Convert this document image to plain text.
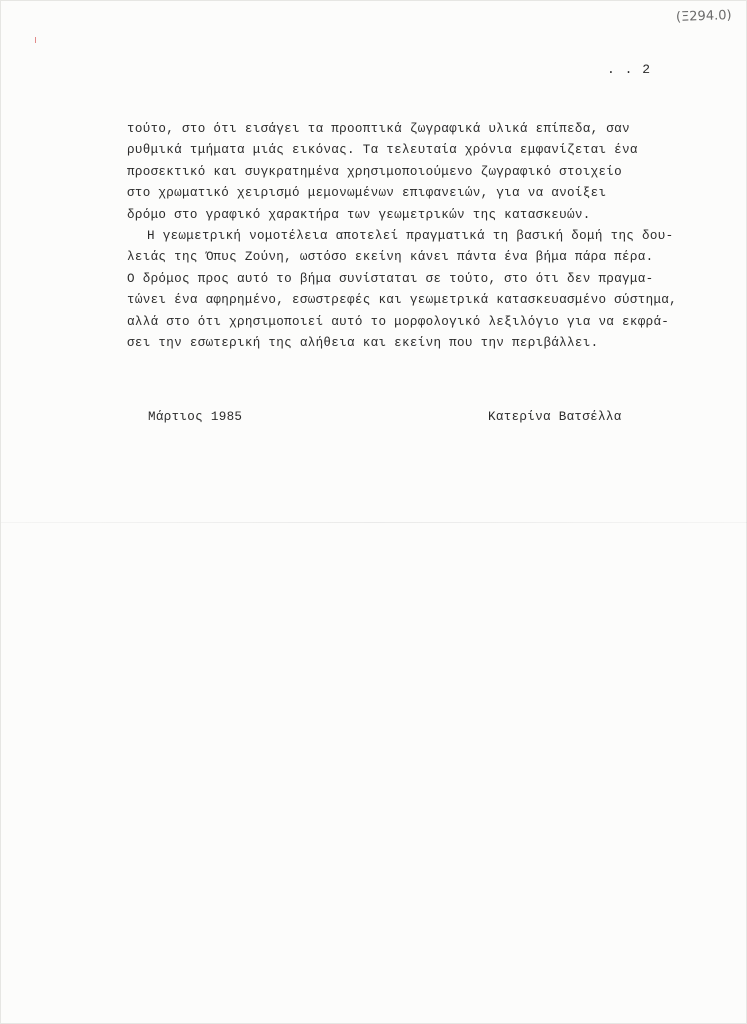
(Ξ294.0)
. . 2
τούτο, στο ότι εισάγει τα προοπτικά ζωγραφικά υλικά επίπεδα, σαν
ρυθμικά τμήματα μιάς εικόνας. Τα τελευταία χρόνια εμφανίζεται ένα
προσεκτικό και συγκρατημένα χρησιμοποιούμενο ζωγραφικό στοιχείο
στο χρωματικό χειρισμό μεμονωμένων επιφανειών, για να ανοίξει
δρόμο στο γραφικό χαρακτήρα των γεωμετρικών της κατασκευών.
Η γεωμετρική νομοτέλεια αποτελεί πραγματικά τη βασική δομή της δου-
λειάς της Όπυς Ζούνη, ωστόσο εκείνη κάνει πάντα ένα βήμα πάρα πέρα.
Ο δρόμος προς αυτό το βήμα συνίσταται σε τούτο, στο ότι δεν πραγμα-
τώνει ένα αφηρημένο, εσωστρεφές και γεωμετρικά κατασκευασμένο σύστημα,
αλλά στο ότι χρησιμοποιεί αυτό το μορφολογικό λεξιλόγιο για να εκφρά-
σει την εσωτερική της αλήθεια και εκείνη που την περιβάλλει.
Μάρτιος 1985	Κατερίνα Βατσέλλα
